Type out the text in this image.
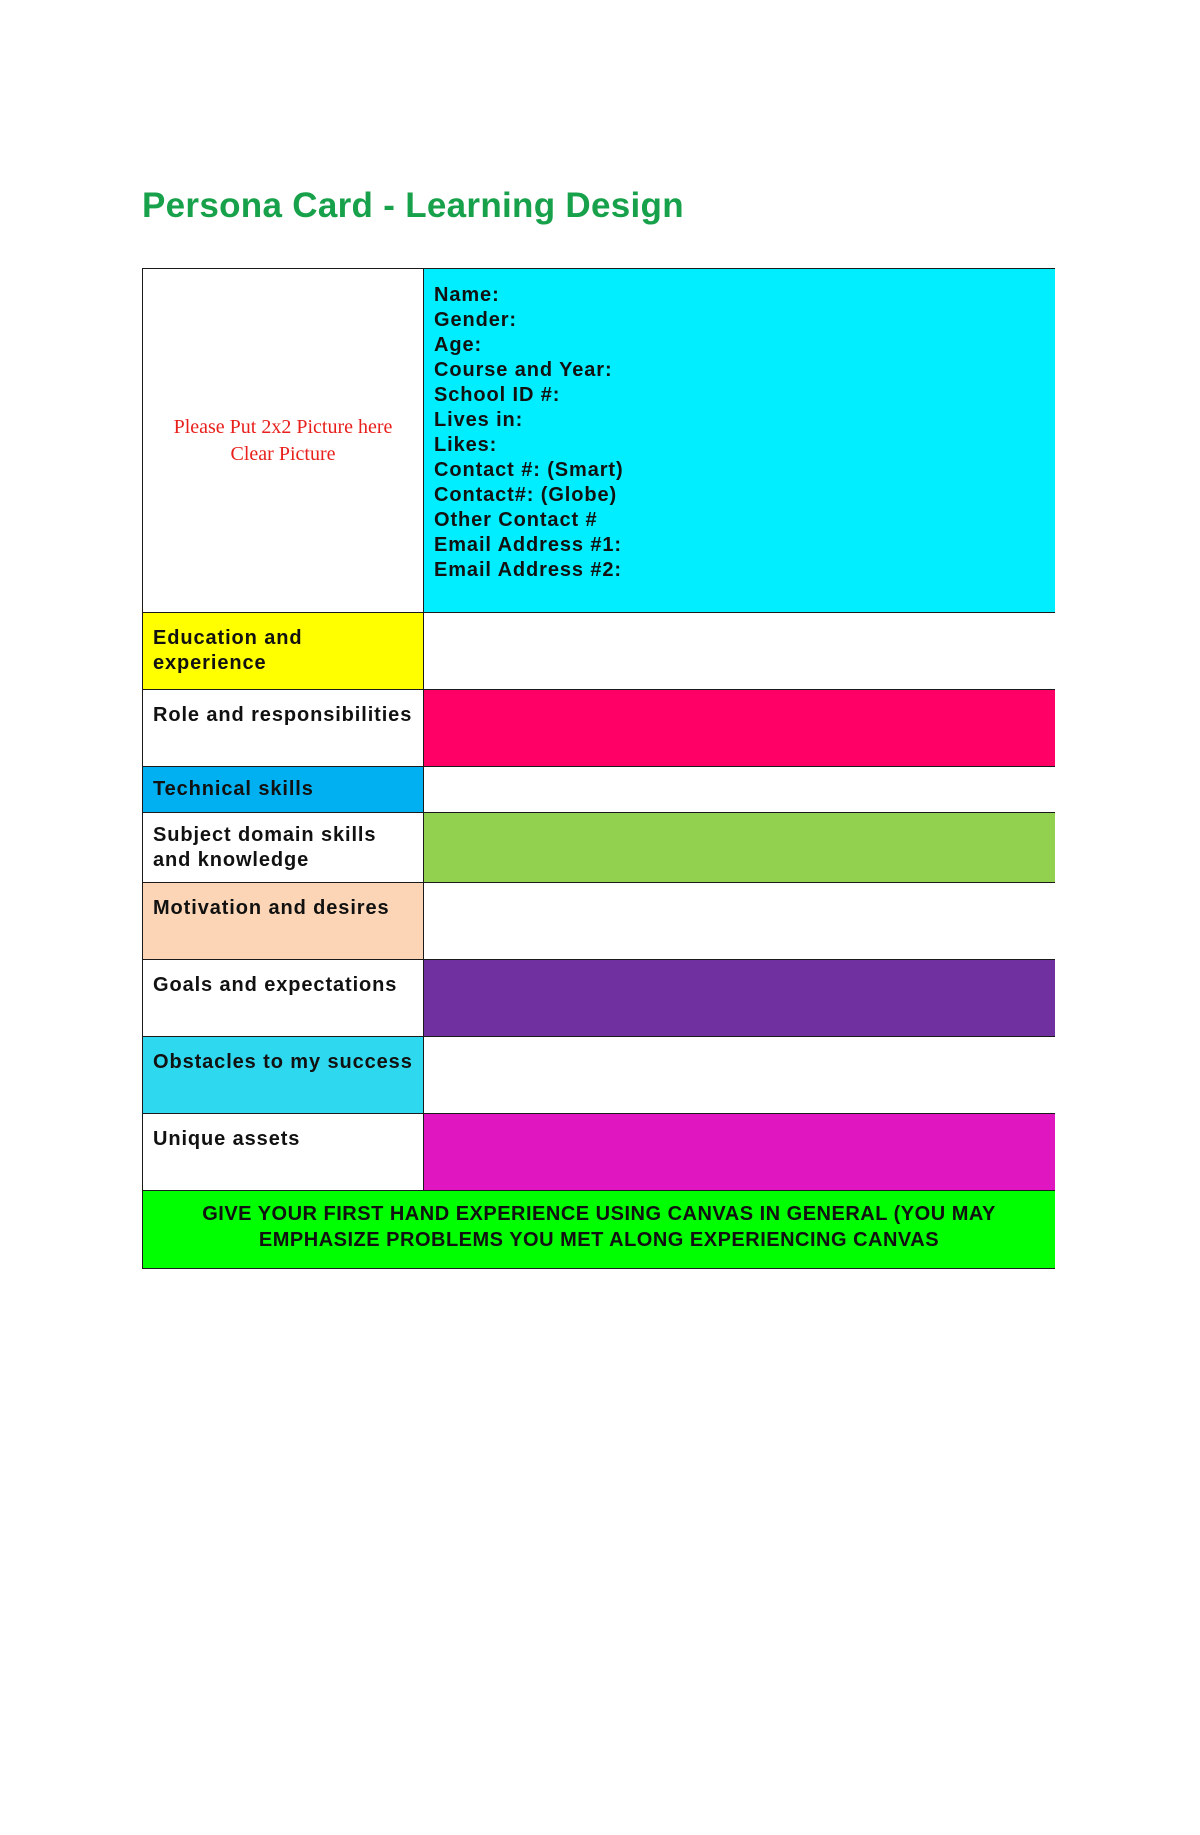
Persona Card - Learning Design
Please Put 2x2 Picture here
Clear Picture
Name:
Gender:
Age:
Course and Year:
School ID #:
Lives in:
Likes:
Contact #: (Smart)
Contact#: (Globe)
Other Contact #
Email Address #1:
Email Address #2:
Education and experience
Role and responsibilities
Technical skills
Subject domain skills and knowledge
Motivation and desires
Goals and expectations
Obstacles to my success
Unique assets
GIVE YOUR FIRST HAND EXPERIENCE USING CANVAS IN GENERAL (YOU MAY
EMPHASIZE PROBLEMS YOU MET ALONG EXPERIENCING CANVAS
